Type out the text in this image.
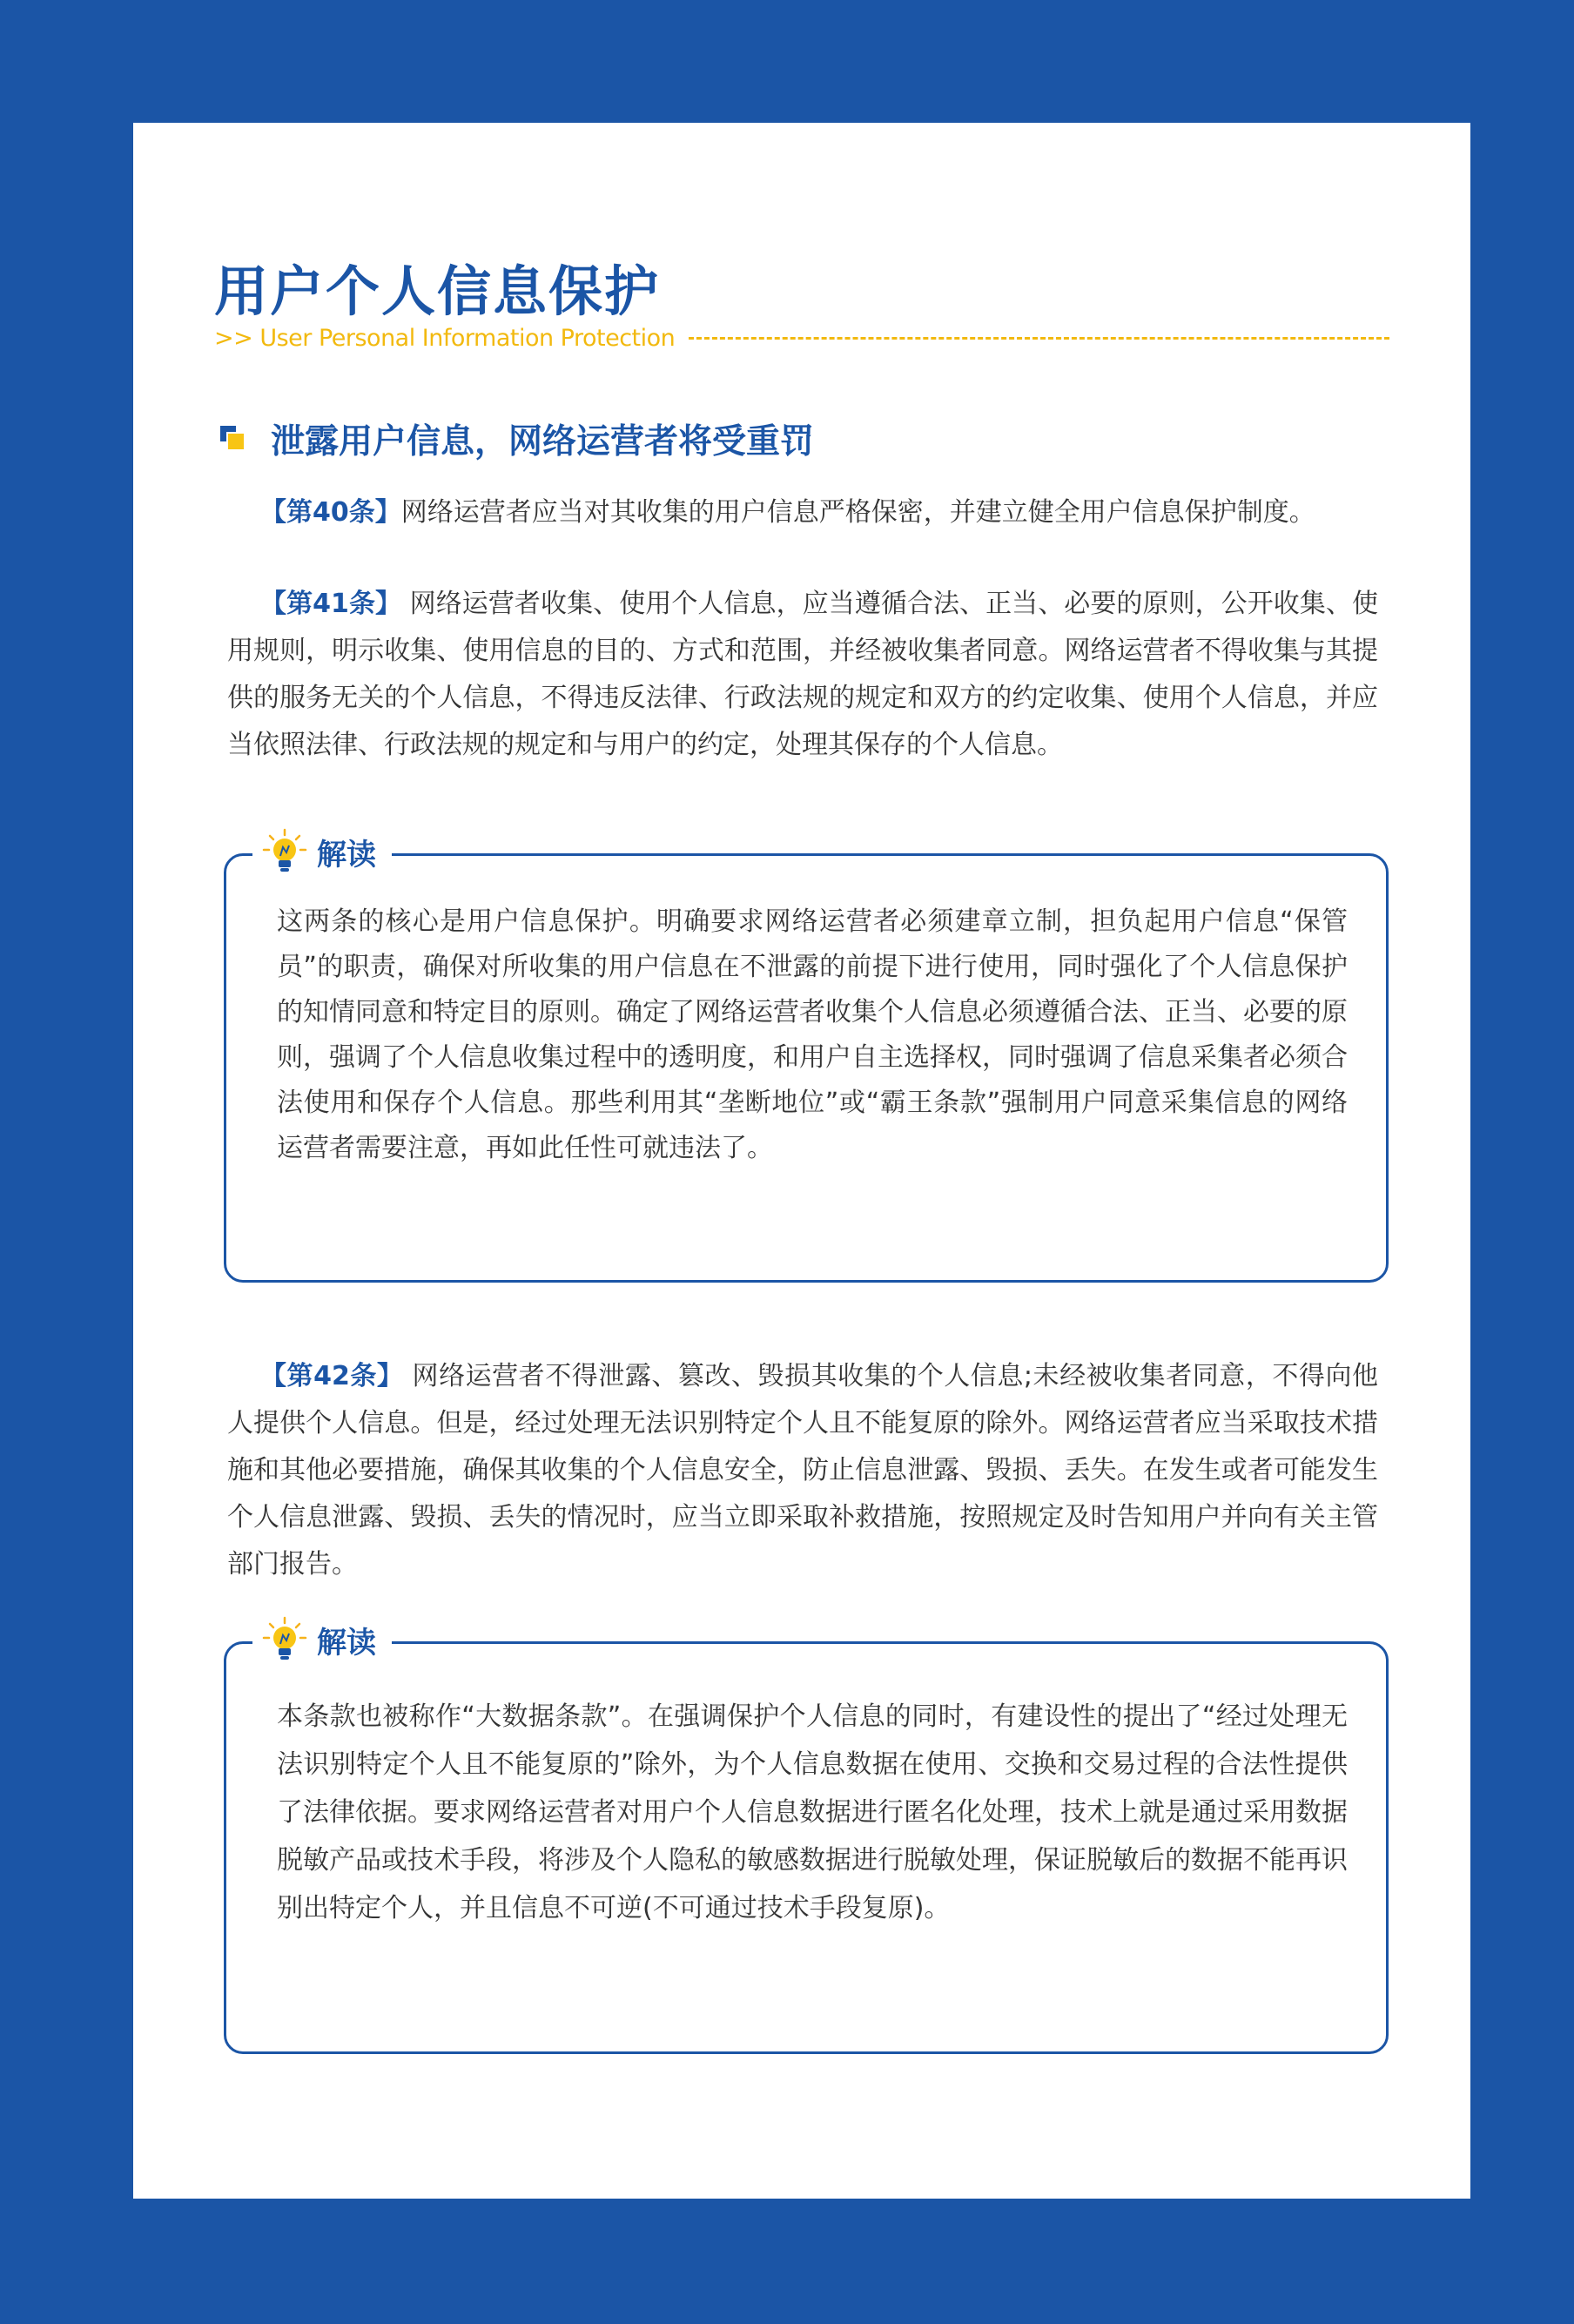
用户个人信息保护
>> User Personal Information Protection
泄露用户信息，网络运营者将受重罚

【第40条】网络运营者应当对其收集的用户信息严格保密，并建立健全用户信息保护制度。

【第41条】 网络运营者收集、使用个人信息，应当遵循合法、正当、必要的原则，公开收集、使用规则，明示收集、使用信息的目的、方式和范围，并经被收集者同意。网络运营者不得收集与其提供的服务无关的个人信息，不得违反法律、行政法规的规定和双方的约定收集、使用个人信息，并应当依照法律、行政法规的规定和与用户的约定，处理其保存的个人信息。

解读

这两条的核心是用户信息保护。明确要求网络运营者必须建章立制，担负起用户信息“保管员”的职责，确保对所收集的用户信息在不泄露的前提下进行使用，同时强化了个人信息保护的知情同意和特定目的原则。确定了网络运营者收集个人信息必须遵循合法、正当、必要的原则，强调了个人信息收集过程中的透明度，和用户自主选择权，同时强调了信息采集者必须合法使用和保存个人信息。那些利用其“垄断地位”或“霸王条款”强制用户同意采集信息的网络运营者需要注意，再如此任性可就违法了。

【第42条】 网络运营者不得泄露、篡改、毁损其收集的个人信息;未经被收集者同意，不得向他人提供个人信息。但是，经过处理无法识别特定个人且不能复原的除外。网络运营者应当采取技术措施和其他必要措施，确保其收集的个人信息安全，防止信息泄露、毁损、丢失。在发生或者可能发生个人信息泄露、毁损、丢失的情况时，应当立即采取补救措施，按照规定及时告知用户并向有关主管部门报告。

解读

本条款也被称作“大数据条款”。在强调保护个人信息的同时，有建设性的提出了“经过处理无法识别特定个人且不能复原的”除外，为个人信息数据在使用、交换和交易过程的合法性提供了法律依据。要求网络运营者对用户个人信息数据进行匿名化处理，技术上就是通过采用数据脱敏产品或技术手段，将涉及个人隐私的敏感数据进行脱敏处理，保证脱敏后的数据不能再识别出特定个人，并且信息不可逆(不可通过技术手段复原)。
